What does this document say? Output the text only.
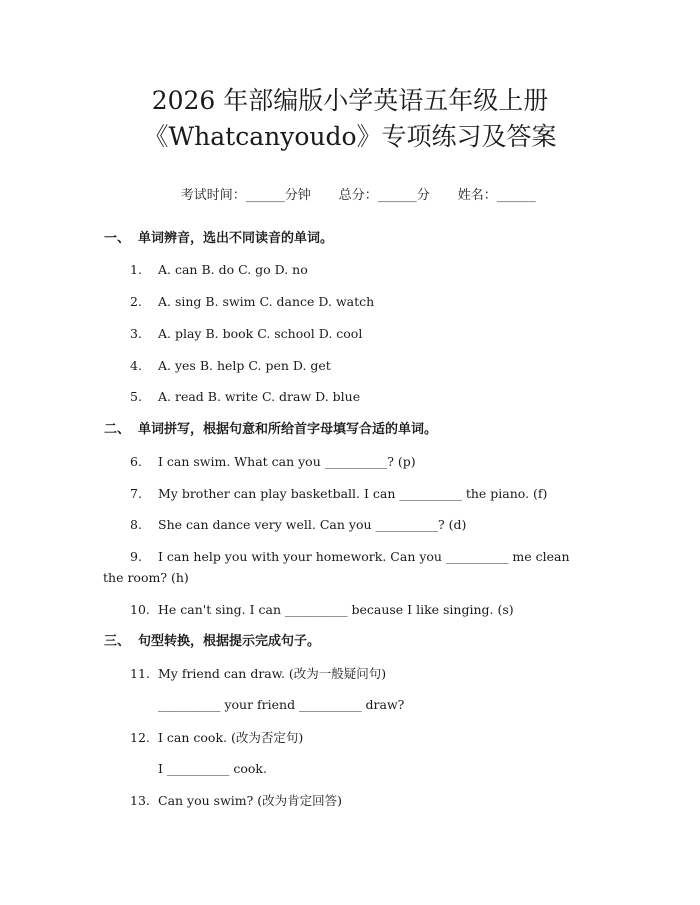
2026 年部编版小学英语五年级上册
《Whatcanyoudo》专项练习及答案

考试时间：______分钟 总分：______分 姓名：______

一、 单词辨音，选出不同读音的单词。
1. A. can B. do C. go D. no
2. A. sing B. swim C. dance D. watch
3. A. play B. book C. school D. cool
4. A. yes B. help C. pen D. get
5. A. read B. write C. draw D. blue
二、 单词拼写，根据句意和所给首字母填写合适的单词。
6. I can swim. What can you __________? (p)
7. My brother can play basketball. I can __________ the piano. (f)
8. She can dance very well. Can you __________? (d)
9. I can help you with your homework. Can you __________ me clean
the room? (h)
10. He can't sing. I can __________ because I like singing. (s)
三、 句型转换，根据提示完成句子。
11. My friend can draw. (改为一般疑问句)
__________ your friend __________ draw?
12. I can cook. (改为否定句)
I __________ cook.
13. Can you swim? (改为肯定回答)
